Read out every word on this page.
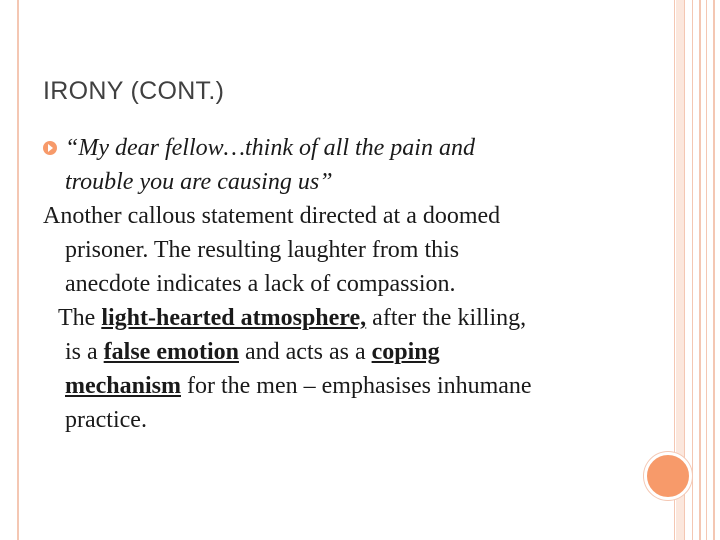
IRONY (CONT.)
“My dear fellow…think of all the pain and
trouble you are causing us”
Another callous statement directed at a doomed
prisoner. The resulting laughter from this
anecdote indicates a lack of compassion.
The light-hearted atmosphere, after the killing,
is a false emotion and acts as a coping
mechanism for the men – emphasises inhumane
practice.
